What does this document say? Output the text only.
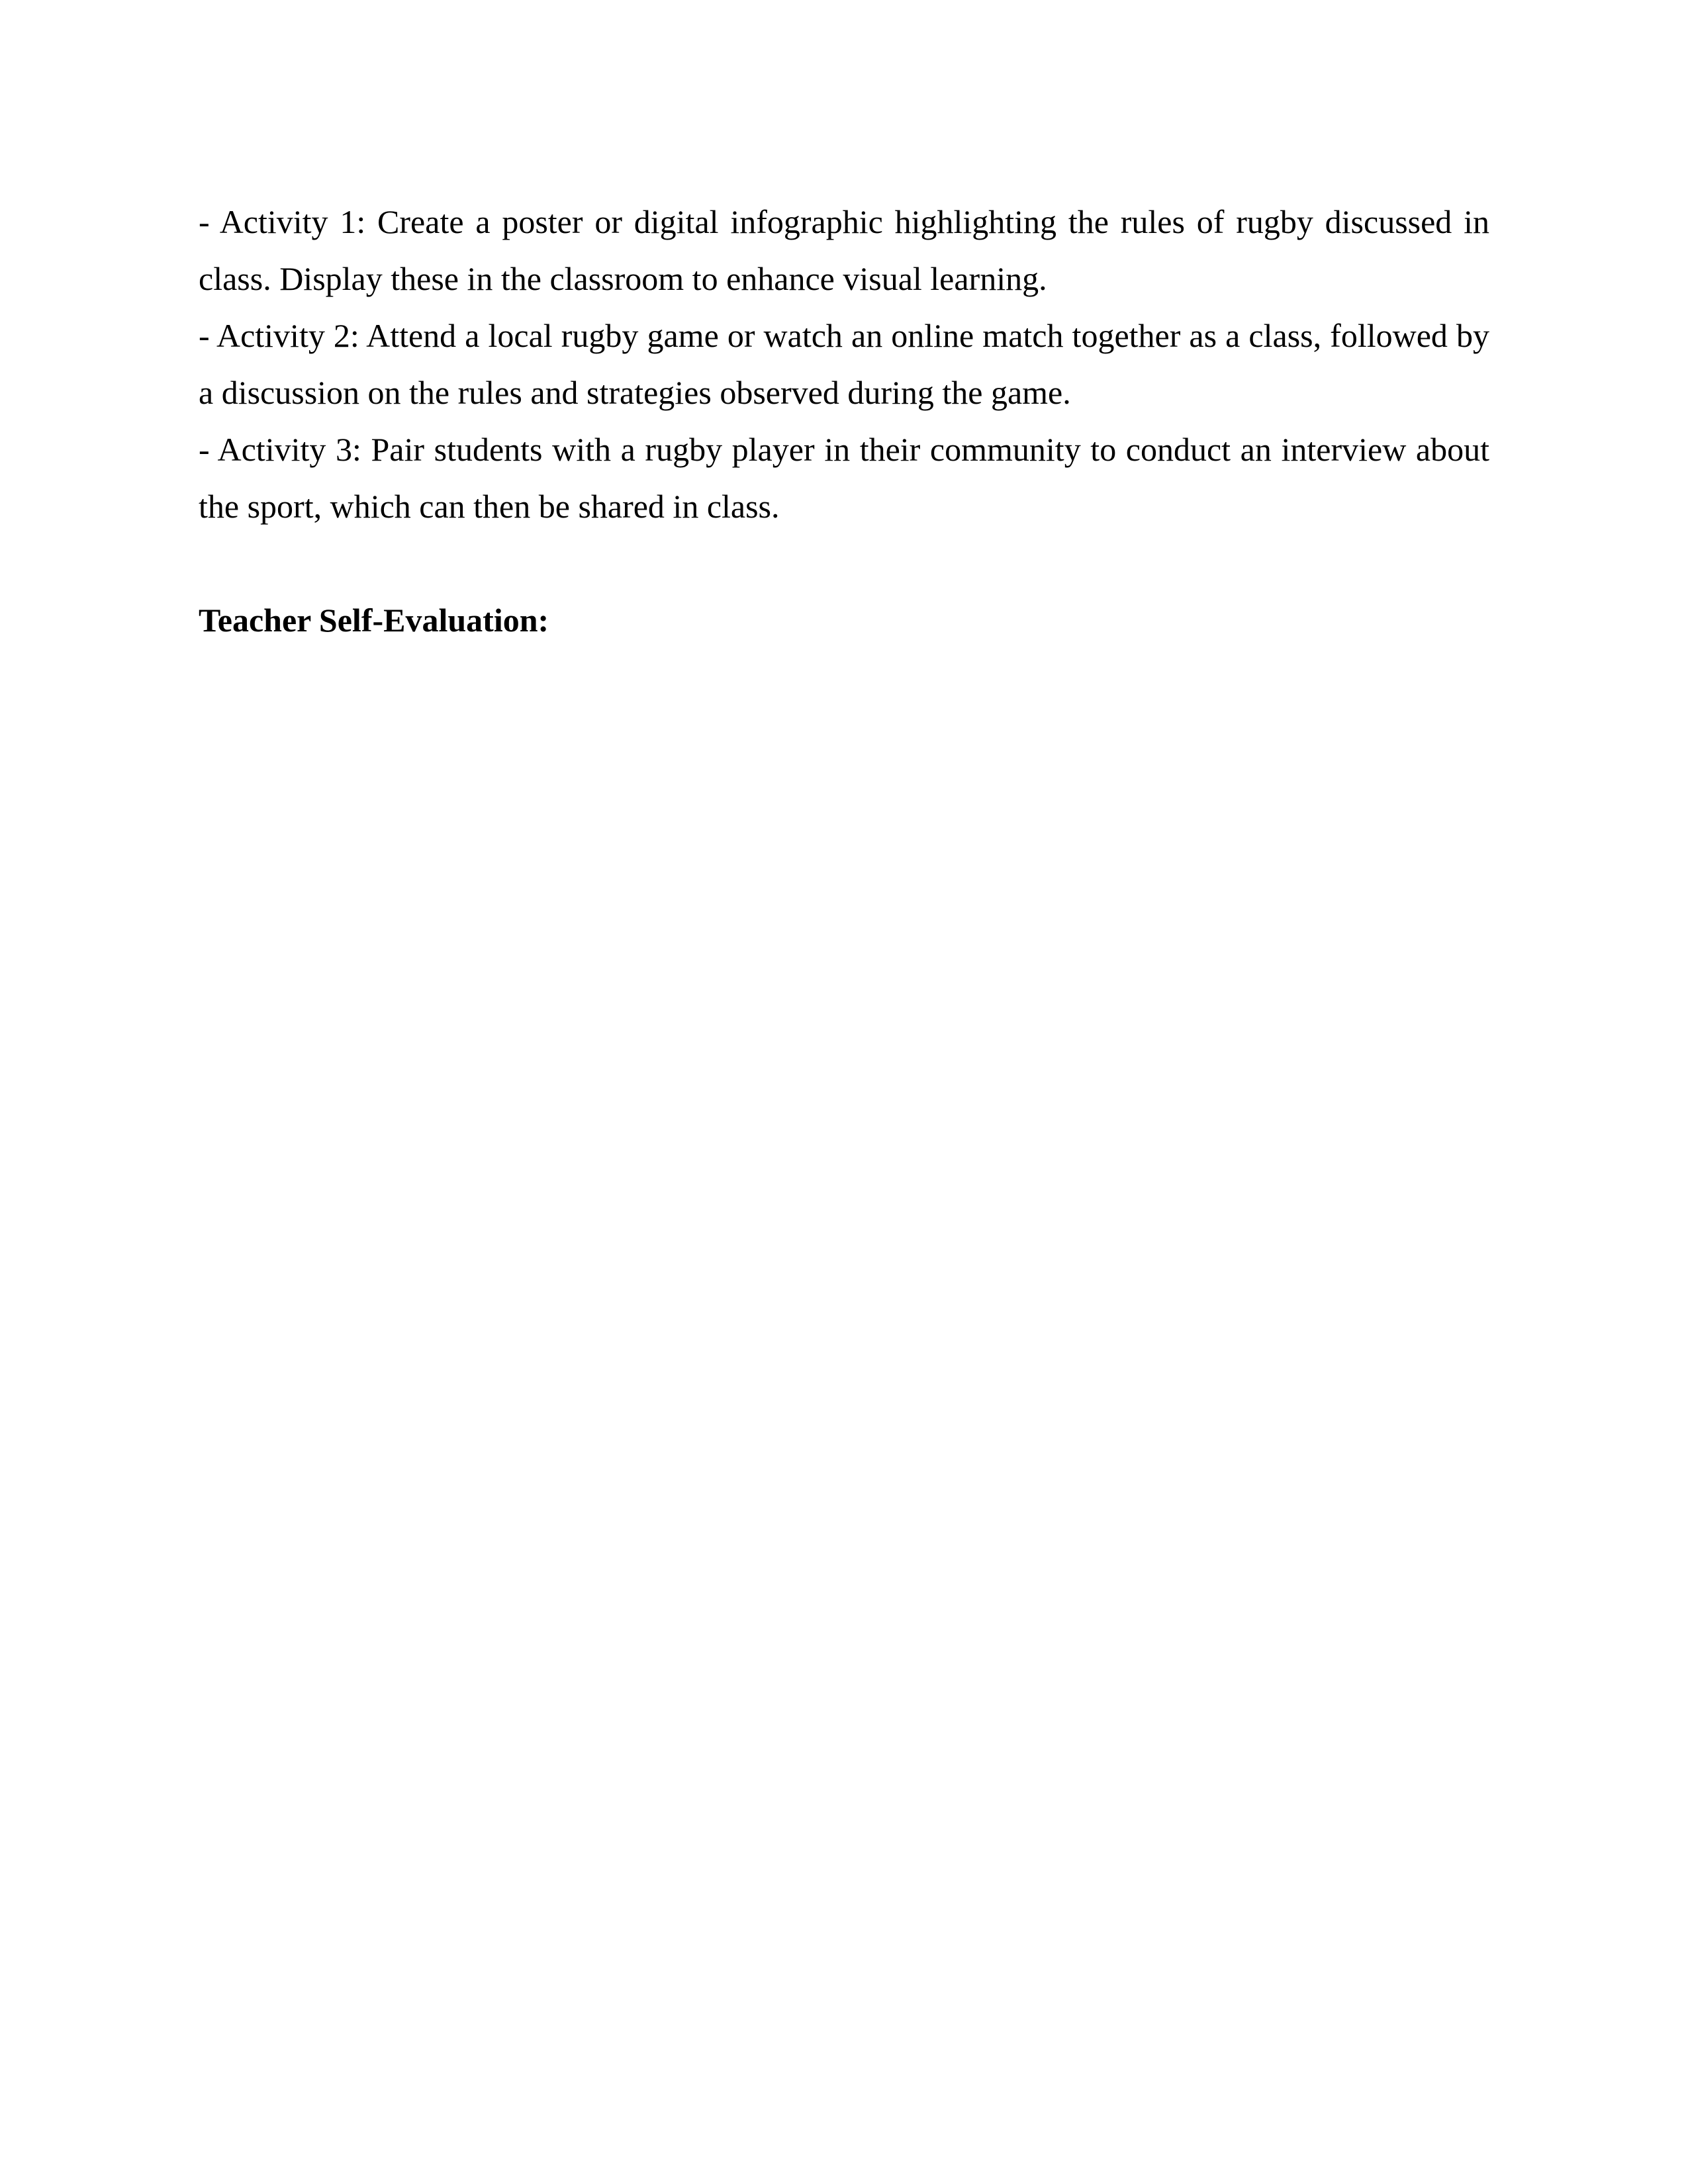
- Activity 1: Create a poster or digital infographic highlighting the rules of rugby discussed in class. Display these in the classroom to enhance visual learning.

- Activity 2: Attend a local rugby game or watch an online match together as a class, followed by a discussion on the rules and strategies observed during the game.

- Activity 3: Pair students with a rugby player in their community to conduct an interview about the sport, which can then be shared in class.

Teacher Self-Evaluation:
